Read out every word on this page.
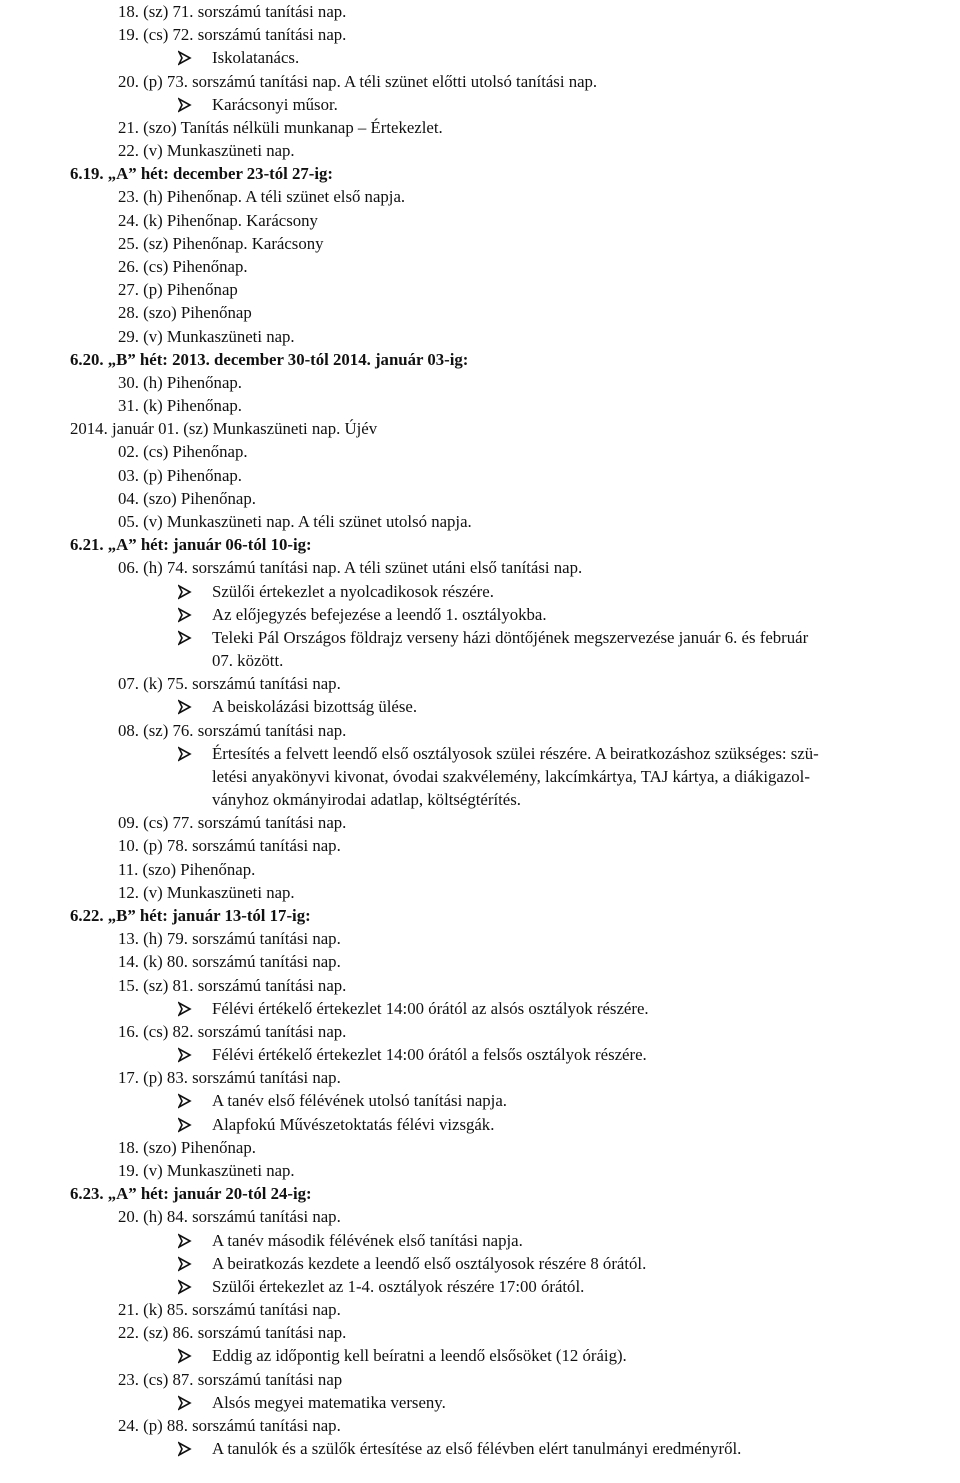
18. (sz) 71. sorszámú tanítási nap.
19. (cs) 72. sorszámú tanítási nap.
Iskolatanács.
20. (p) 73. sorszámú tanítási nap. A téli szünet előtti utolsó tanítási nap.
Karácsonyi műsor.
21. (szo) Tanítás nélküli munkanap – Értekezlet.
22. (v) Munkaszüneti nap.
6.19. „A” hét: december 23-tól 27-ig:
23. (h) Pihenőnap. A téli szünet első napja.
24. (k) Pihenőnap. Karácsony
25. (sz) Pihenőnap. Karácsony
26. (cs) Pihenőnap.
27. (p) Pihenőnap
28. (szo) Pihenőnap
29. (v) Munkaszüneti nap.
6.20. „B” hét: 2013. december 30-tól 2014. január 03-ig:
30. (h) Pihenőnap.
31. (k) Pihenőnap.
2014. január 01. (sz) Munkaszüneti nap. Újév
02. (cs) Pihenőnap.
03. (p) Pihenőnap.
04. (szo) Pihenőnap.
05. (v) Munkaszüneti nap. A téli szünet utolsó napja.
6.21. „A” hét: január 06-tól 10-ig:
06. (h) 74. sorszámú tanítási nap. A téli szünet utáni első tanítási nap.
Szülői értekezlet a nyolcadikosok részére.
Az előjegyzés befejezése a leendő 1. osztályokba.
Teleki Pál Országos földrajz verseny házi döntőjének megszervezése január 6. és február
07. között.
07. (k) 75. sorszámú tanítási nap.
A beiskolázási bizottság ülése.
08. (sz) 76. sorszámú tanítási nap.
Értesítés a felvett leendő első osztályosok szülei részére. A beiratkozáshoz szükséges: szü-
letési anyakönyvi kivonat, óvodai szakvélemény, lakcímkártya, TAJ kártya, a diákigazol-
ványhoz okmányirodai adatlap, költségtérítés.
09. (cs) 77. sorszámú tanítási nap.
10. (p) 78. sorszámú tanítási nap.
11. (szo) Pihenőnap.
12. (v) Munkaszüneti nap.
6.22. „B” hét: január 13-tól 17-ig:
13. (h) 79. sorszámú tanítási nap.
14. (k) 80. sorszámú tanítási nap.
15. (sz) 81. sorszámú tanítási nap.
Félévi értékelő értekezlet 14:00 órától az alsós osztályok részére.
16. (cs) 82. sorszámú tanítási nap.
Félévi értékelő értekezlet 14:00 órától a felsős osztályok részére.
17. (p) 83. sorszámú tanítási nap.
A tanév első félévének utolsó tanítási napja.
Alapfokú Művészetoktatás félévi vizsgák.
18. (szo) Pihenőnap.
19. (v) Munkaszüneti nap.
6.23. „A” hét: január 20-tól 24-ig:
20. (h) 84. sorszámú tanítási nap.
A tanév második félévének első tanítási napja.
A beiratkozás kezdete a leendő első osztályosok részére 8 órától.
Szülői értekezlet az 1-4. osztályok részére 17:00 órától.
21. (k) 85. sorszámú tanítási nap.
22. (sz) 86. sorszámú tanítási nap.
Eddig az időpontig kell beíratni a leendő elsősöket (12 óráig).
23. (cs) 87. sorszámú tanítási nap
Alsós megyei matematika verseny.
24. (p) 88. sorszámú tanítási nap.
A tanulók és a szülők értesítése az első félévben elért tanulmányi eredményről.
